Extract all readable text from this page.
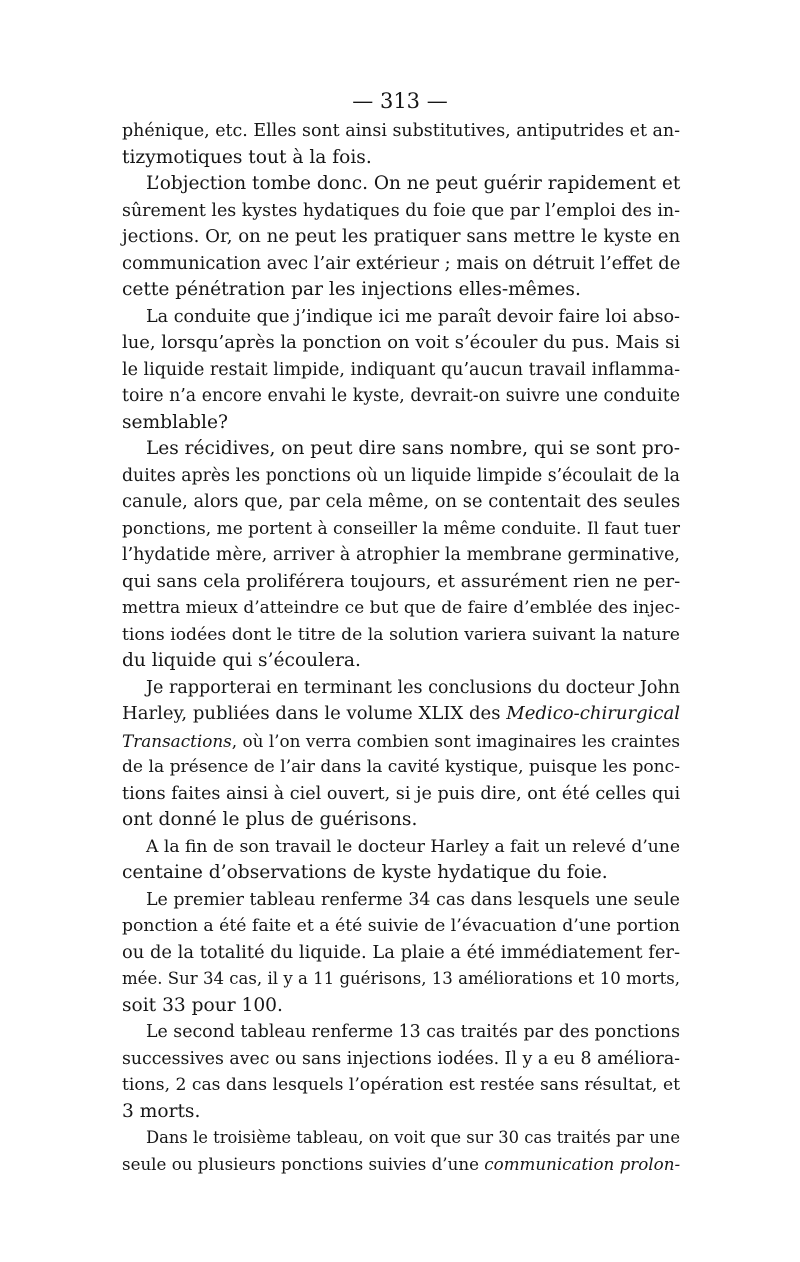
— 313 —
phénique, etc. Elles sont ainsi substitutives, antiputrides et an-
tizymotiques tout à la fois.
L’objection tombe donc. On ne peut guérir rapidement et
sûrement les kystes hydatiques du foie que par l’emploi des in-
jections. Or, on ne peut les pratiquer sans mettre le kyste en
communication avec l’air extérieur ; mais on détruit l’effet de
cette pénétration par les injections elles-mêmes.
La conduite que j’indique ici me paraît devoir faire loi abso-
lue, lorsqu’après la ponction on voit s’écouler du pus. Mais si
le liquide restait limpide, indiquant qu’aucun travail inflamma-
toire n’a encore envahi le kyste, devrait-on suivre une conduite
semblable?
Les récidives, on peut dire sans nombre, qui se sont pro-
duites après les ponctions où un liquide limpide s’écoulait de la
canule, alors que, par cela même, on se contentait des seules
ponctions, me portent à conseiller la même conduite. Il faut tuer
l’hydatide mère, arriver à atrophier la membrane germinative,
qui sans cela proliférera toujours, et assurément rien ne per-
mettra mieux d’atteindre ce but que de faire d’emblée des injec-
tions iodées dont le titre de la solution variera suivant la nature
du liquide qui s’écoulera.
Je rapporterai en terminant les conclusions du docteur John
Harley, publiées dans le volume XLIX des Medico-chirurgical
Transactions, où l’on verra combien sont imaginaires les craintes
de la présence de l’air dans la cavité kystique, puisque les ponc-
tions faites ainsi à ciel ouvert, si je puis dire, ont été celles qui
ont donné le plus de guérisons.
A la fin de son travail le docteur Harley a fait un relevé d’une
centaine d’observations de kyste hydatique du foie.
Le premier tableau renferme 34 cas dans lesquels une seule
ponction a été faite et a été suivie de l’évacuation d’une portion
ou de la totalité du liquide. La plaie a été immédiatement fer-
mée. Sur 34 cas, il y a 11 guérisons, 13 améliorations et 10 morts,
soit 33 pour 100.
Le second tableau renferme 13 cas traités par des ponctions
successives avec ou sans injections iodées. Il y a eu 8 améliora-
tions, 2 cas dans lesquels l’opération est restée sans résultat, et
3 morts.
Dans le troisième tableau, on voit que sur 30 cas traités par une
seule ou plusieurs ponctions suivies d’une communication prolon-
